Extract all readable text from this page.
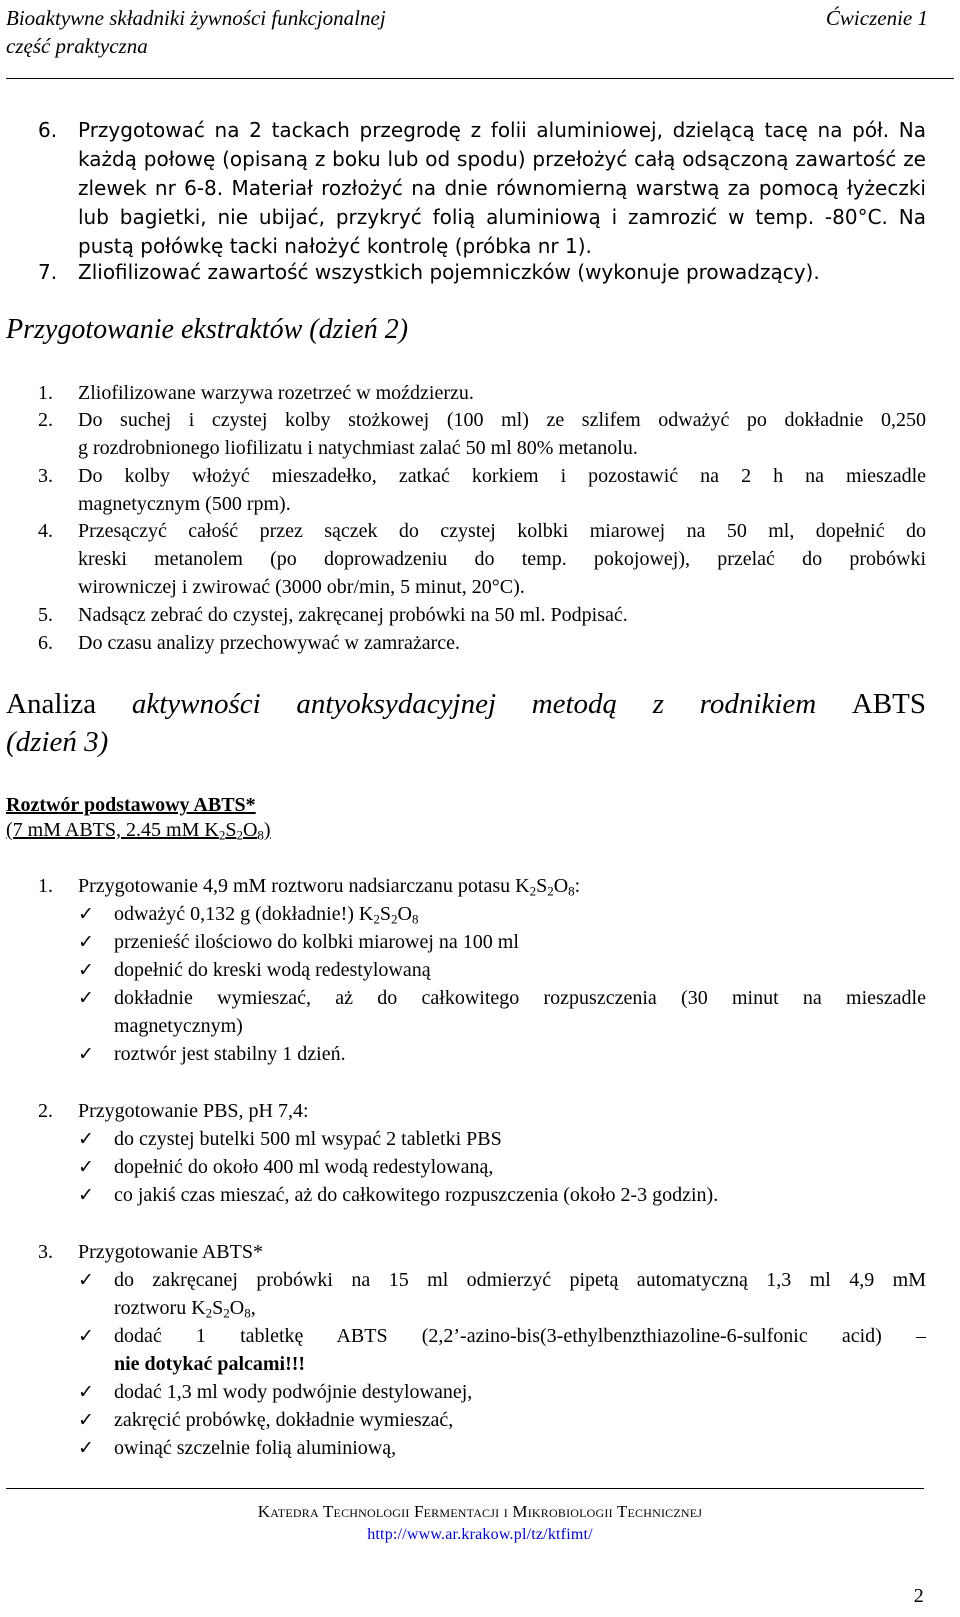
Bioaktywne składniki żywności funkcjonalnej
część praktyczna
Ćwiczenie 1
6. Przygotować na 2 tackach przegrodę z folii aluminiowej, dzielącą tacę na pół. Na
każdą połowę (opisaną z boku lub od spodu) przełożyć całą odsączoną zawartość ze
zlewek nr 6-8. Materiał rozłożyć na dnie równomierną warstwą za pomocą łyżeczki
lub bagietki, nie ubijać, przykryć folią aluminiową i zamrozić w temp. -80°C. Na
pustą połówkę tacki nałożyć kontrolę (próbka nr 1).
7. Zliofilizować zawartość wszystkich pojemniczków (wykonuje prowadzący).
Przygotowanie ekstraktów (dzień 2)
1. Zliofilizowane warzywa rozetrzeć w moździerzu.
2. Do suchej i czystej kolby stożkowej (100 ml) ze szlifem odważyć po dokładnie 0,250
g rozdrobnionego liofilizatu i natychmiast zalać 50 ml 80% metanolu.
3. Do kolby włożyć mieszadełko, zatkać korkiem i pozostawić na 2 h na mieszadle
magnetycznym (500 rpm).
4. Przesączyć całość przez sączek do czystej kolbki miarowej na 50 ml, dopełnić do
kreski metanolem (po doprowadzeniu do temp. pokojowej), przelać do probówki
wirowniczej i zwirować (3000 obr/min, 5 minut, 20°C).
5. Nadsącz zebrać do czystej, zakręcanej probówki na 50 ml. Podpisać.
6. Do czasu analizy przechowywać w zamrażarce.
Analiza aktywności antyoksydacyjnej metodą z rodnikiem ABTS
(dzień 3)
Roztwór podstawowy ABTS*
(7 mM ABTS, 2.45 mM $K_2S_2O_8$)
1. Przygotowanie 4,9 mM roztworu nadsiarczanu potasu $K_2S_2O_8$:
odważyć 0,132 g (dokładnie!) $K_2S_2O_8$
przenieść ilościowo do kolbki miarowej na 100 ml
dopełnić do kreski wodą redestylowaną
dokładnie wymieszać, aż do całkowitego rozpuszczenia (30 minut na mieszadle
magnetycznym)
roztwór jest stabilny 1 dzień.
2. Przygotowanie PBS, pH 7,4:
do czystej butelki 500 ml wsypać 2 tabletki PBS
dopełnić do około 400 ml wodą redestylowaną,
co jakiś czas mieszać, aż do całkowitego rozpuszczenia (około 2-3 godzin).
3. Przygotowanie ABTS*
do zakręcanej probówki na 15 ml odmierzyć pipetą automatyczną 1,3 ml 4,9 mM
roztworu $K_2S_2O_8$,
dodać 1 tabletkę ABTS (2,2’-azino-bis(3-ethylbenzthiazoline-6-sulfonic acid) –
nie dotykać palcami!!!
dodać 1,3 ml wody podwójnie destylowanej,
zakręcić probówkę, dokładnie wymieszać,
owinąć szczelnie folią aluminiową,
Katedra Technologii Fermentacji i Mikrobiologii Technicznej
http://www.ar.krakow.pl/tz/ktfimt/
2
